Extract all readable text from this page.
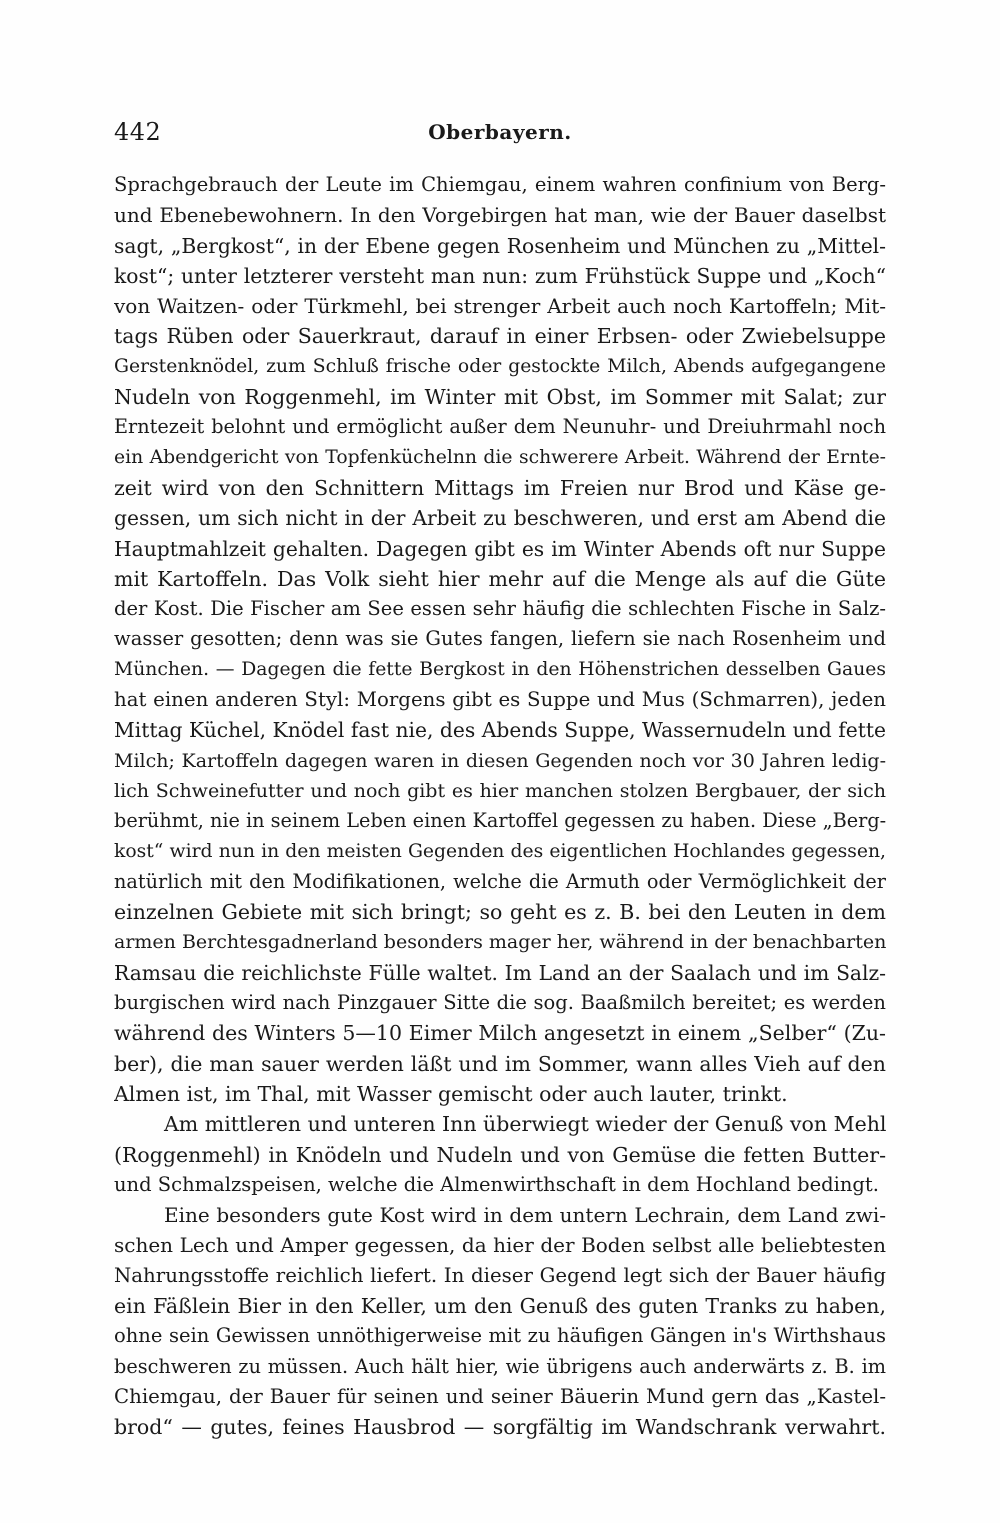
442	Oberbayern.
Sprachgebrauch der Leute im Chiemgau, einem wahren confinium von Berg-
und Ebenebewohnern. In den Vorgebirgen hat man, wie der Bauer daselbst
sagt, „Bergkost“, in der Ebene gegen Rosenheim und München zu „Mittel-
kost“; unter letzterer versteht man nun: zum Frühstück Suppe und „Koch“
von Waitzen- oder Türkmehl, bei strenger Arbeit auch noch Kartoffeln; Mit-
tags Rüben oder Sauerkraut, darauf in einer Erbsen- oder Zwiebelsuppe
Gerstenknödel, zum Schluß frische oder gestockte Milch, Abends aufgegangene
Nudeln von Roggenmehl, im Winter mit Obst, im Sommer mit Salat; zur
Erntezeit belohnt und ermöglicht außer dem Neunuhr- und Dreiuhrmahl noch
ein Abendgericht von Topfenküchelnn die schwerere Arbeit. Während der Ernte-
zeit wird von den Schnittern Mittags im Freien nur Brod und Käse ge-
gessen, um sich nicht in der Arbeit zu beschweren, und erst am Abend die
Hauptmahlzeit gehalten. Dagegen gibt es im Winter Abends oft nur Suppe
mit Kartoffeln. Das Volk sieht hier mehr auf die Menge als auf die Güte
der Kost. Die Fischer am See essen sehr häufig die schlechten Fische in Salz-
wasser gesotten; denn was sie Gutes fangen, liefern sie nach Rosenheim und
München. — Dagegen die fette Bergkost in den Höhenstrichen desselben Gaues
hat einen anderen Styl: Morgens gibt es Suppe und Mus (Schmarren), jeden
Mittag Küchel, Knödel fast nie, des Abends Suppe, Wassernudeln und fette
Milch; Kartoffeln dagegen waren in diesen Gegenden noch vor 30 Jahren ledig-
lich Schweinefutter und noch gibt es hier manchen stolzen Bergbauer, der sich
berühmt, nie in seinem Leben einen Kartoffel gegessen zu haben. Diese „Berg-
kost“ wird nun in den meisten Gegenden des eigentlichen Hochlandes gegessen,
natürlich mit den Modifikationen, welche die Armuth oder Vermöglichkeit der
einzelnen Gebiete mit sich bringt; so geht es z. B. bei den Leuten in dem
armen Berchtesgadnerland besonders mager her, während in der benachbarten
Ramsau die reichlichste Fülle waltet. Im Land an der Saalach und im Salz-
burgischen wird nach Pinzgauer Sitte die sog. Baaßmilch bereitet; es werden
während des Winters 5—10 Eimer Milch angesetzt in einem „Selber“ (Zu-
ber), die man sauer werden läßt und im Sommer, wann alles Vieh auf den
Almen ist, im Thal, mit Wasser gemischt oder auch lauter, trinkt.
Am mittleren und unteren Inn überwiegt wieder der Genuß von Mehl
(Roggenmehl) in Knödeln und Nudeln und von Gemüse die fetten Butter-
und Schmalzspeisen, welche die Almenwirthschaft in dem Hochland bedingt.
Eine besonders gute Kost wird in dem untern Lechrain, dem Land zwi-
schen Lech und Amper gegessen, da hier der Boden selbst alle beliebtesten
Nahrungsstoffe reichlich liefert. In dieser Gegend legt sich der Bauer häufig
ein Fäßlein Bier in den Keller, um den Genuß des guten Tranks zu haben,
ohne sein Gewissen unnöthigerweise mit zu häufigen Gängen in's Wirthshaus
beschweren zu müssen. Auch hält hier, wie übrigens auch anderwärts z. B. im
Chiemgau, der Bauer für seinen und seiner Bäuerin Mund gern das „Kastel-
brod“ — gutes, feines Hausbrod — sorgfältig im Wandschrank verwahrt.
